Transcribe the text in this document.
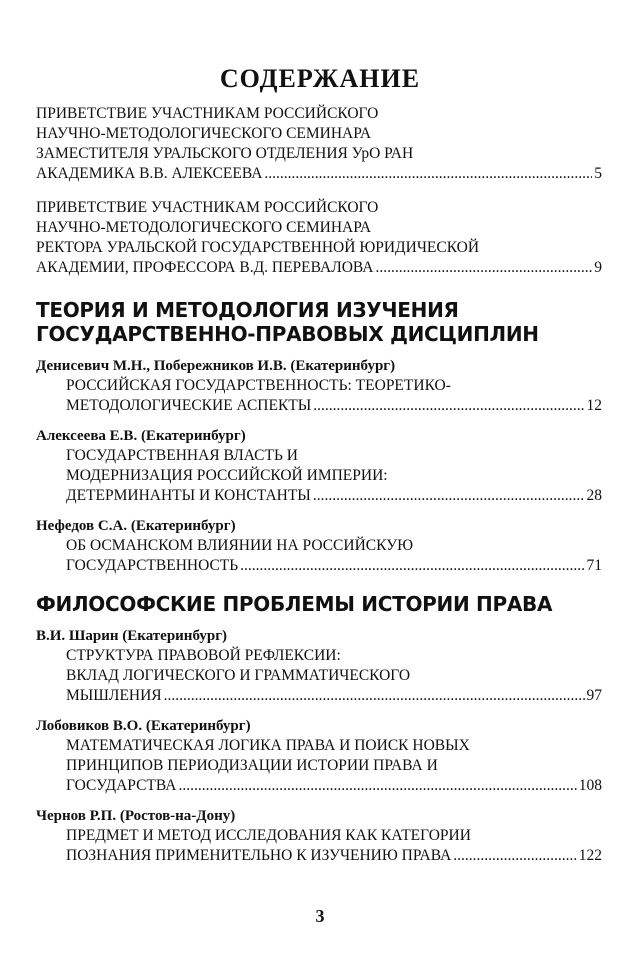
СОДЕРЖАНИЕ
ПРИВЕТСТВИЕ УЧАСТНИКАМ РОССИЙСКОГО
НАУЧНО-МЕТОДОЛОГИЧЕСКОГО СЕМИНАРА
ЗАМЕСТИТЕЛЯ УРАЛЬСКОГО ОТДЕЛЕНИЯ УрО РАН
АКАДЕМИКА В.В. АЛЕКСЕЕВА .....	5
ПРИВЕТСТВИЕ УЧАСТНИКАМ РОССИЙСКОГО
НАУЧНО-МЕТОДОЛОГИЧЕСКОГО СЕМИНАРА
РЕКТОРА УРАЛЬСКОЙ ГОСУДАРСТВЕННОЙ ЮРИДИЧЕСКОЙ
АКАДЕМИИ, ПРОФЕССОРА В.Д. ПЕРЕВАЛОВА .....	9
ТЕОРИЯ И МЕТОДОЛОГИЯ ИЗУЧЕНИЯ
ГОСУДАРСТВЕННО-ПРАВОВЫХ ДИСЦИПЛИН
Денисевич М.Н., Побережников И.В. (Екатеринбург)
РОССИЙСКАЯ ГОСУДАРСТВЕННОСТЬ: ТЕОРЕТИКО-
МЕТОДОЛОГИЧЕСКИЕ АСПЕКТЫ .....	12
Алексеева Е.В. (Екатеринбург)
ГОСУДАРСТВЕННАЯ ВЛАСТЬ И
МОДЕРНИЗАЦИЯ РОССИЙСКОЙ ИМПЕРИИ:
ДЕТЕРМИНАНТЫ И КОНСТАНТЫ .....	28
Нефедов С.А. (Екатеринбург)
ОБ ОСМАНСКОМ ВЛИЯНИИ НА РОССИЙСКУЮ
ГОСУДАРСТВЕННОСТЬ .....	71
ФИЛОСОФСКИЕ ПРОБЛЕМЫ ИСТОРИИ ПРАВА
В.И. Шарин (Екатеринбург)
СТРУКТУРА ПРАВОВОЙ РЕФЛЕКСИИ:
ВКЛАД ЛОГИЧЕСКОГО И ГРАММАТИЧЕСКОГО
МЫШЛЕНИЯ .....	97
Лобовиков В.О. (Екатеринбург)
МАТЕМАТИЧЕСКАЯ ЛОГИКА ПРАВА И ПОИСК НОВЫХ
ПРИНЦИПОВ ПЕРИОДИЗАЦИИ ИСТОРИИ ПРАВА И
ГОСУДАРСТВА .....	108
Чернов Р.П. (Ростов-на-Дону)
ПРЕДМЕТ И МЕТОД ИССЛЕДОВАНИЯ КАК КАТЕГОРИИ
ПОЗНАНИЯ ПРИМЕНИТЕЛЬНО К ИЗУЧЕНИЮ ПРАВА .....	122
3
